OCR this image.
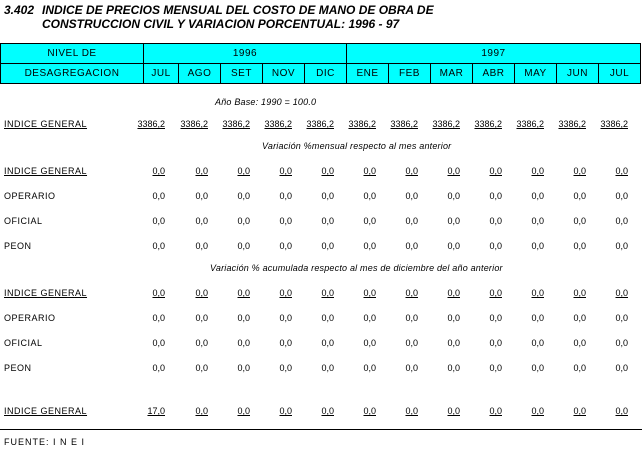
3.402 INDICE DE PRECIOS MENSUAL DEL COSTO DE MANO DE OBRA DE
CONSTRUCCION CIVIL Y VARIACION PORCENTUAL: 1996 - 97
NIVEL DE
DESAGREGACION
1996	1997
JUL	AGO	SET	NOV	DIC	ENE	FEB	MAR	ABR	MAY	JUN	JUL
Año Base: 1990 = 100.0
Variación %mensual respecto al mes anterior
Variación % acumulada respecto al mes de diciembre del año anterior
INDICE GENERAL	3386,2 3386,2 3386,2 3386,2 3386,2 3386,2 3386,2 3386,2 3386,2 3386,2 3386,2 3386,2
INDICE GENERAL	0,0	0,0	0,0	0,0	0,0	0,0	0,0	0,0	0,0	0,0	0,0	0,0
OPERARIO	0,0	0,0	0,0	0,0	0,0	0,0	0,0	0,0	0,0	0,0	0,0	0,0
OFICIAL	0,0	0,0	0,0	0,0	0,0	0,0	0,0	0,0	0,0	0,0	0,0	0,0
PEON	0,0	0,0	0,0	0,0	0,0	0,0	0,0	0,0	0,0	0,0	0,0	0,0
INDICE GENERAL	0,0	0,0	0,0	0,0	0,0	0,0	0,0	0,0	0,0	0,0	0,0	0,0
OPERARIO	0,0	0,0	0,0	0,0	0,0	0,0	0,0	0,0	0,0	0,0	0,0	0,0
OFICIAL	0,0	0,0	0,0	0,0	0,0	0,0	0,0	0,0	0,0	0,0	0,0	0,0
PEON	0,0	0,0	0,0	0,0	0,0	0,0	0,0	0,0	0,0	0,0	0,0	0,0
INDICE GENERAL	17,0	0,0	0,0	0,0	0,0	0,0	0,0	0,0	0,0	0,0	0,0	0,0
FUENTE: I N E I
